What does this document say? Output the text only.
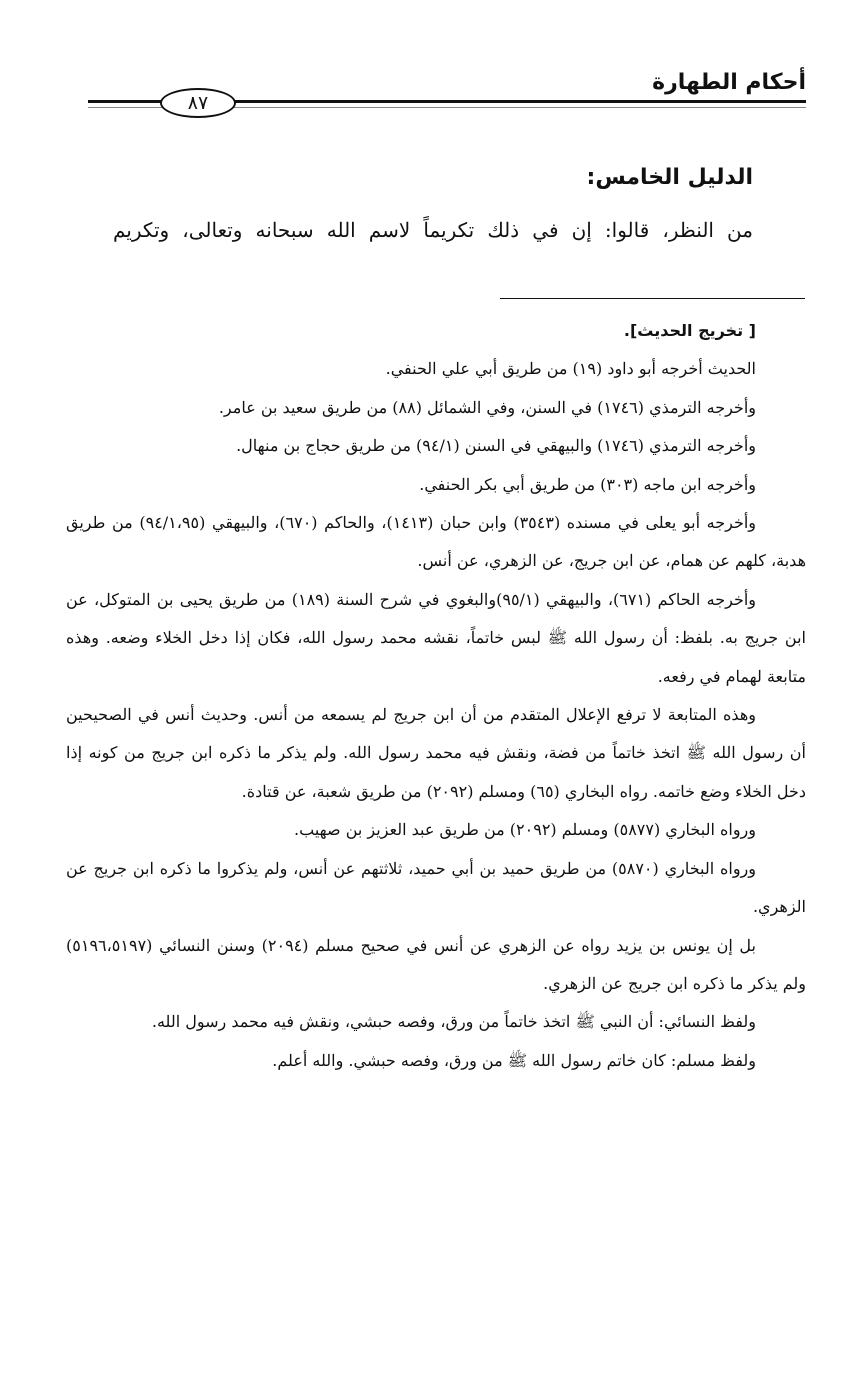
أحكام الطهارة
٨٧
الدليل الخامس:

من النظر، قالوا: إن في ذلك تكريماً لاسم الله سبحانه وتعالى، وتكريم

[ تخريج الحديث].

الحديث أخرجه أبو داود (١٩) من طريق أبي علي الحنفي.

وأخرجه الترمذي (١٧٤٦) في السنن، وفي الشمائل (٨٨) من طريق سعيد بن عامر.

وأخرجه الترمذي (١٧٤٦) والبيهقي في السنن (٩٤/١) من طريق حجاج بن منهال.

وأخرجه ابن ماجه (٣٠٣) من طريق أبي بكر الحنفي.

وأخرجه أبو يعلى في مسنده (٣٥٤٣) وابن حبان (١٤١٣)، والحاكم (٦٧٠)، والبيهقي (٩٤/١،٩٥) من طريق هدبة، كلهم عن همام، عن ابن جريج، عن الزهري، عن أنس.

وأخرجه الحاكم (٦٧١)، والبيهقي (٩٥/١)والبغوي في شرح السنة (١٨٩) من طريق يحيى بن المتوكل، عن ابن جريج به. بلفظ: أن رسول الله ﷺ لبس خاتماً، نقشه محمد رسول الله، فكان إذا دخل الخلاء وضعه. وهذه متابعة لهمام في رفعه.

وهذه المتابعة لا ترفع الإعلال المتقدم من أن ابن جريج لم يسمعه من أنس. وحديث أنس في الصحيحين أن رسول الله ﷺ اتخذ خاتماً من فضة، ونقش فيه محمد رسول الله. ولم يذكر ما ذكره ابن جريج من كونه إذا دخل الخلاء وضع خاتمه. رواه البخاري (٦٥) ومسلم (٢٠٩٢) من طريق شعبة، عن قتادة.

ورواه البخاري (٥٨٧٧) ومسلم (٢٠٩٢) من طريق عبد العزيز بن صهيب.

ورواه البخاري (٥٨٧٠) من طريق حميد بن أبي حميد، ثلاثتهم عن أنس، ولم يذكروا ما ذكره ابن جريج عن الزهري.

بل إن يونس بن يزيد رواه عن الزهري عن أنس في صحيح مسلم (٢٠٩٤) وسنن النسائي (٥١٩٦،٥١٩٧) ولم يذكر ما ذكره ابن جريج عن الزهري.

ولفظ النسائي: أن النبي ﷺ اتخذ خاتماً من ورق، وفصه حبشي، ونقش فيه محمد رسول الله.

ولفظ مسلم: كان خاتم رسول الله ﷺ من ورق، وفصه حبشي. والله أعلم.
